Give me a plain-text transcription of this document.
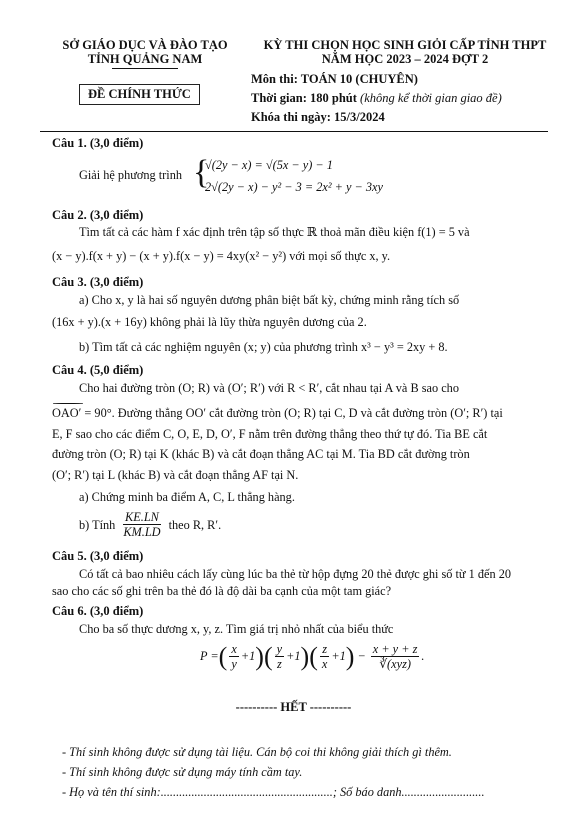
SỞ GIÁO DỤC VÀ ĐÀO TẠO
TỈNH QUẢNG NAM
ĐỀ CHÍNH THỨC
KỲ THI CHỌN HỌC SINH GIỎI CẤP TỈNH THPT
NĂM HỌC 2023 – 2024 ĐỢT 2
Môn thi: TOÁN 10 (CHUYÊN)
Thời gian: 180 phút (không kể thời gian giao đề)
Khóa thi ngày: 15/3/2024
Câu 1. (3,0 điểm)
Giải hệ phương trình {
√(2y − x) = √(5x − y) − 1
2√(2y − x) − y² − 3 = 2x² + y − 3xy
Câu 2. (3,0 điểm)
Tìm tất cả các hàm f xác định trên tập số thực ℝ thoả mãn điều kiện f(1) = 5 và
(x − y).f(x + y) − (x + y).f(x − y) = 4xy(x² − y²) với mọi số thực x, y.
Câu 3. (3,0 điểm)
a) Cho x, y là hai số nguyên dương phân biệt bất kỳ, chứng minh rằng tích số
(16x + y).(x + 16y) không phải là lũy thừa nguyên dương của 2.
b) Tìm tất cả các nghiệm nguyên (x; y) của phương trình x³ − y³ = 2xy + 8.
Câu 4. (5,0 điểm)
Cho hai đường tròn (O; R) và (O′; R′) với R < R′, cắt nhau tại A và B sao cho
OAO′ = 90°. Đường thẳng OO′ cắt đường tròn (O; R) tại C, D và cắt đường tròn (O′; R′) tại
E, F sao cho các điểm C, O, E, D, O′, F nằm trên đường thẳng theo thứ tự đó. Tia BE cắt
đường tròn (O; R) tại K (khác B) và cắt đoạn thẳng AC tại M. Tia BD cắt đường tròn
(O′; R′) tại L (khác B) và cắt đoạn thẳng AF tại N.
a) Chứng minh ba điểm A, C, L thẳng hàng.
b) Tính $\frac{KE.LN}{KM.LD}$ theo R, R′.
Câu 5. (3,0 điểm)
Có tất cả bao nhiêu cách lấy cùng lúc ba thẻ từ hộp đựng 20 thẻ được ghi số từ 1 đến 20
sao cho các số ghi trên ba thẻ đó là độ dài ba cạnh của một tam giác?
Câu 6. (3,0 điểm)
Cho ba số thực dương x, y, z. Tìm giá trị nhỏ nhất của biểu thức
P = ( $\frac{x}{y} +1$ ) ( $\frac{y}{z} +1$ ) ( $\frac{z}{x} +1$ ) − $\frac{x + y + z}{\text{∛(xyz)}}$ .
---------- HẾT ----------
- Thí sinh không được sử dụng tài liệu. Cán bộ coi thi không giải thích gì thêm.
- Thí sinh không được sử dụng máy tính cầm tay.
- Họ và tên thí sinh:........................................................; Số báo danh...........................
